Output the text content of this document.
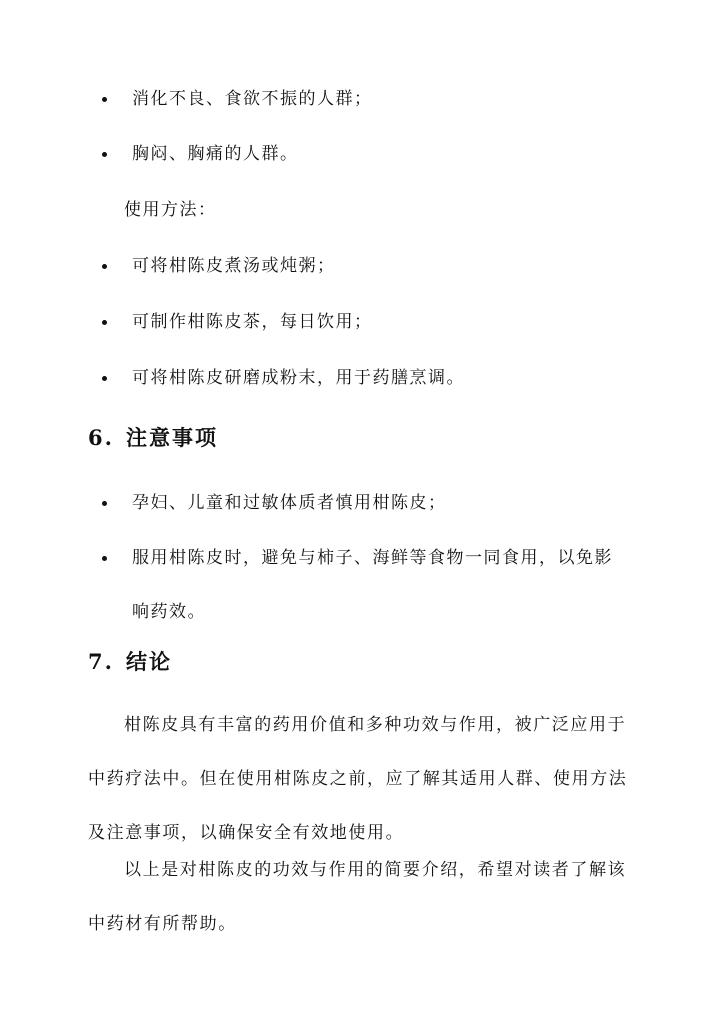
消化不良、食欲不振的人群；
胸闷、胸痛的人群。
使用方法：
可将柑陈皮煮汤或炖粥；
可制作柑陈皮茶，每日饮用；
可将柑陈皮研磨成粉末，用于药膳烹调。
6. 注意事项
孕妇、儿童和过敏体质者慎用柑陈皮；
服用柑陈皮时，避免与柿子、海鲜等食物一同食用，以免影响药效。
7. 结论
柑陈皮具有丰富的药用价值和多种功效与作用，被广泛应用于中药疗法中。但在使用柑陈皮之前，应了解其适用人群、使用方法及注意事项，以确保安全有效地使用。
以上是对柑陈皮的功效与作用的简要介绍，希望对读者了解该中药材有所帮助。
